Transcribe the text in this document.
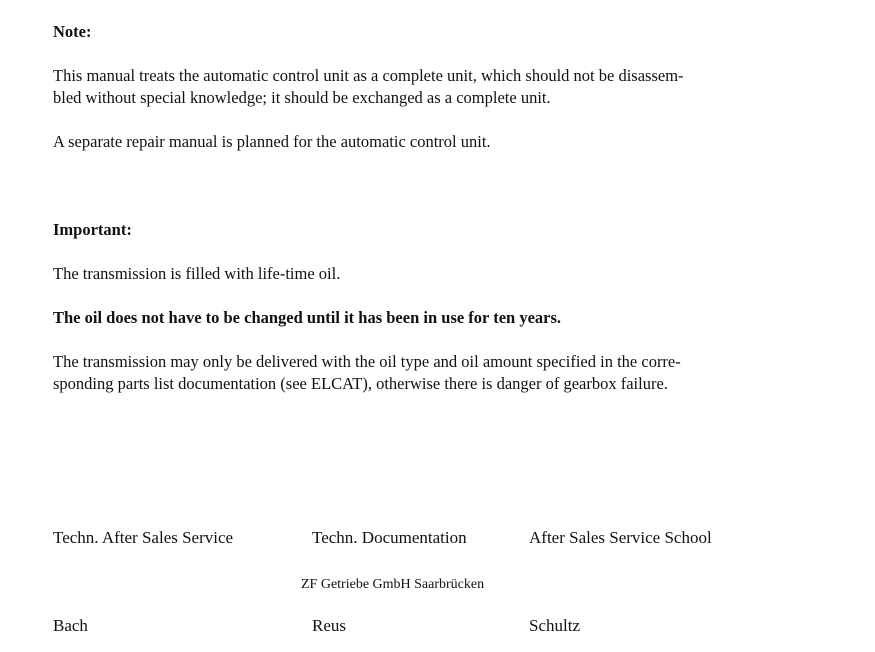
Note:

This manual treats the automatic control unit as a complete unit, which should not be disassem-

bled without special knowledge; it should be exchanged as a complete unit.

A separate repair manual is planned for the automatic control unit.

Important:

The transmission is filled with life-time oil.

The oil does not have to be changed until it has been in use for ten years.

The transmission may only be delivered with the oil type and oil amount specified in the corre-

sponding parts list documentation (see ELCAT), otherwise there is danger of gearbox failure.

Techn. After Sales Service	Techn. Documentation	After Sales Service School
ZF Getriebe GmbH Saarbrücken
Bach	Reus	Schultz
